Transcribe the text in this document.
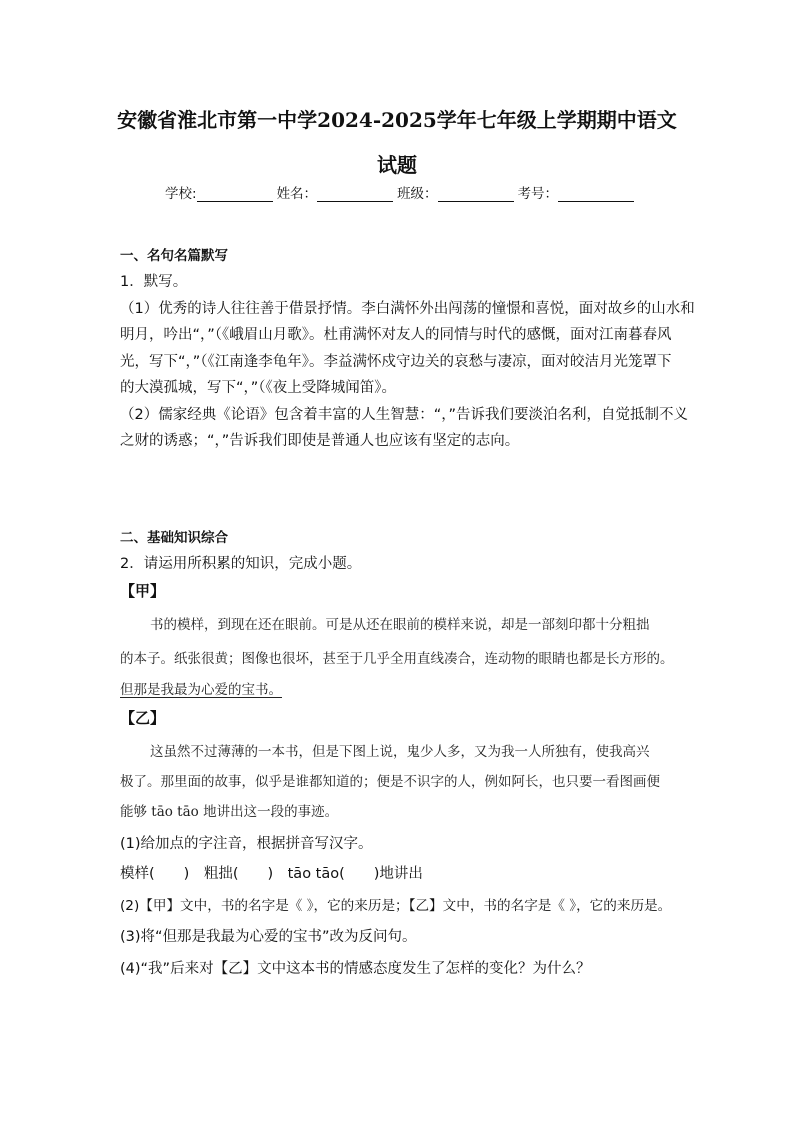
安徽省淮北市第一中学2024-2025学年七年级上学期期中语文
试题
学校:	姓名：	班级：	考号：
一、名句名篇默写
1．默写。
（1）优秀的诗人往往善于借景抒情。李白满怀外出闯荡的憧憬和喜悦，面对故乡的山水和
明月，吟出“，”（《峨眉山月歌》。杜甫满怀对友人的同情与时代的感慨，面对江南暮春风
光，写下“，”（《江南逢李龟年》。李益满怀戍守边关的哀愁与凄凉，面对皎洁月光笼罩下
的大漠孤城，写下“，”（《夜上受降城闻笛》。
（2）儒家经典《论语》包含着丰富的人生智慧：“，”告诉我们要淡泊名利，自觉抵制不义
之财的诱惑；“，”告诉我们即使是普通人也应该有坚定的志向。
二、基础知识综合
2．请运用所积累的知识，完成小题。
【甲】
书的模样，到现在还在眼前。可是从还在眼前的模样来说，却是一部刻印都十分粗拙
的本子。纸张很黄；图像也很坏，甚至于几乎全用直线凑合，连动物的眼睛也都是长方形的。
但那是我最为心爱的宝书。
【乙】
这虽然不过薄薄的一本书，但是下图上说，鬼少人多，又为我一人所独有，使我高兴
极了。那里面的故事，似乎是谁都知道的；便是不识字的人，例如阿长，也只要一看图画便
能够 tāo tāo 地讲出这一段的事迹。
(1)给加点的字注音，根据拼音写汉字。
模样(　　)　粗拙(　　)　tāo tāo(　　)地讲出
(2)【甲】文中，书的名字是《 》，它的来历是；【乙】文中，书的名字是《 》，它的来历是。
(3)将“但那是我最为心爱的宝书”改为反问句。
(4)“我”后来对【乙】文中这本书的情感态度发生了怎样的变化？为什么？
